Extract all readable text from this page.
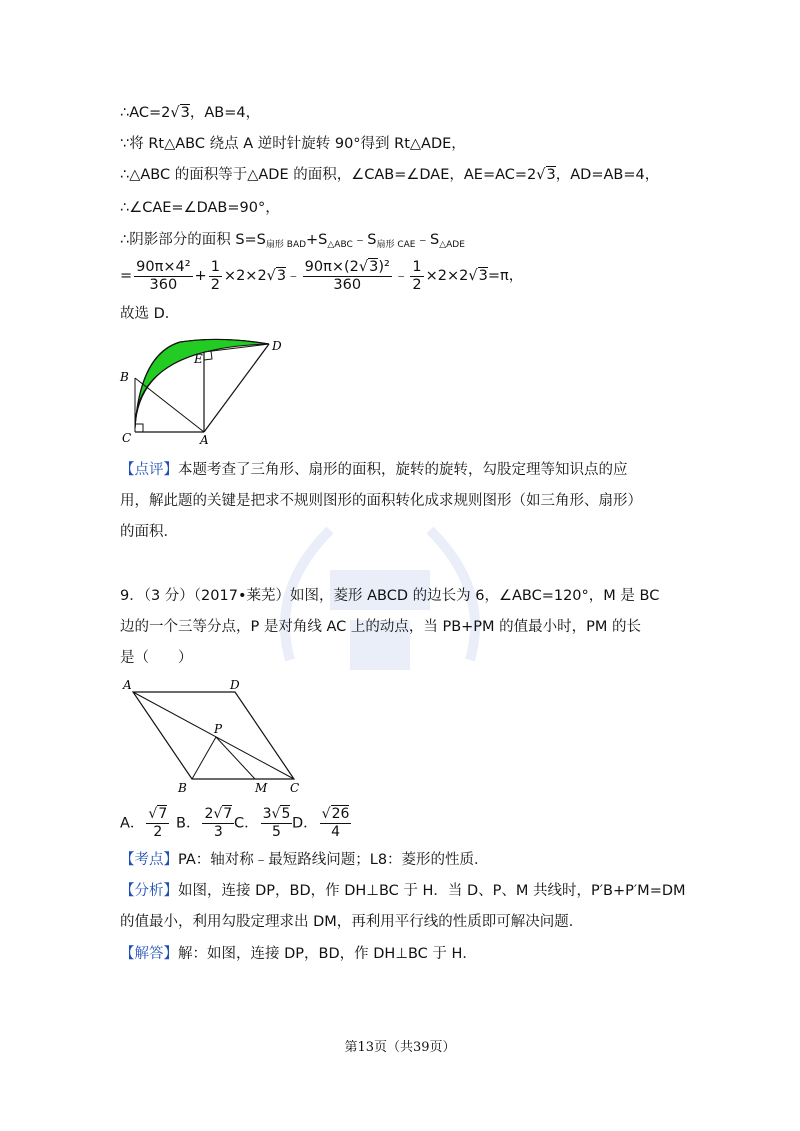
∴AC=2√3，AB=4，
∵将 Rt△ABC 绕点 A 逆时针旋转 90°得到 Rt△ADE，
∴△ABC 的面积等于△ADE 的面积，∠CAB=∠DAE，AE=AC=2√3，AD=AB=4，
∴∠CAE=∠DAB=90°，
∴阴影部分的面积 $S=S_{扇形 BAD}+S_{\triangle ABC}﹣S_{扇形 CAE}﹣S_{\triangle ADE}$
= $\frac{\text{90π×4²}}{360} + \frac{1}{2}$ ×2×2√3﹣ $\frac{\text{90π×(2√3)²}}{360}$ ﹣ $\frac{1}{2} \times 2\times 2√3=\pi$，
故选 D．
B
E
D
C	A
【点评】本题考查了三角形、扇形的面积，旋转的旋转，勾股定理等知识点的应
用，解此题的关键是把求不规则图形的面积转化成求规则图形（如三角形、扇形）
的面积．
9．（3 分）（2017•莱芜）如图，菱形 ABCD 的边长为 6，∠ABC=120°，M 是 BC
边的一个三等分点，P 是对角线 AC 上的动点，当 PB+PM 的值最小时，PM 的长
是（　　）
A	D
P
B	M C
A． $\frac{√7}{2}$ B． $\frac{2√7}{3}$ C． $\frac{3√5}{5}$ D． $\frac{√26}{4}$
【考点】PA：轴对称﹣最短路线问题；L8：菱形的性质．
【分析】如图，连接 DP，BD，作 DH⊥BC 于 H．当 D、P、M 共线时，P′B+P′M=DM
的值最小，利用勾股定理求出 DM，再利用平行线的性质即可解决问题．
【解答】解：如图，连接 DP，BD，作 DH⊥BC 于 H．
第13页（共39页）
